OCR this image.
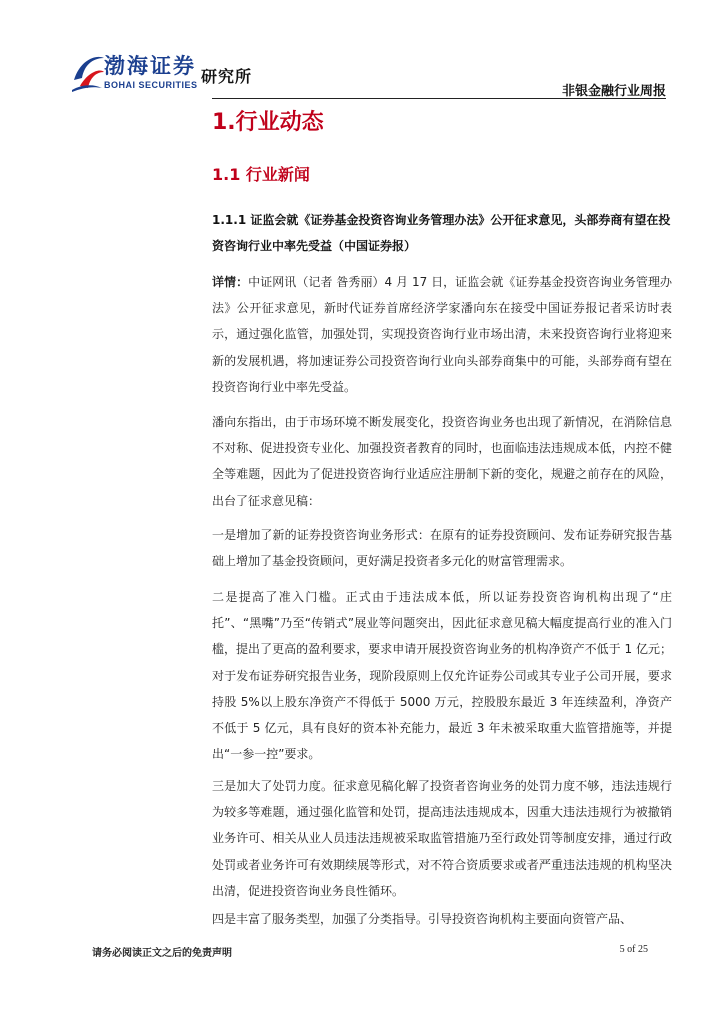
渤海证券
BOHAI SECURITIES 研究所
非银金融行业周报
1.行业动态
1.1 行业新闻
1.1.1 证监会就《证券基金投资咨询业务管理办法》公开征求意见，头部券商有望在投资咨询行业中率先受益（中国证券报）
详情：中证网讯（记者 昝秀丽）4 月 17 日，证监会就《证券基金投资咨询业务管理办法》公开征求意见，新时代证券首席经济学家潘向东在接受中国证券报记者采访时表示，通过强化监管，加强处罚，实现投资咨询行业市场出清，未来投资咨询行业将迎来新的发展机遇，将加速证券公司投资咨询行业向头部券商集中的可能，头部券商有望在投资咨询行业中率先受益。
潘向东指出，由于市场环境不断发展变化，投资咨询业务也出现了新情况，在消除信息不对称、促进投资专业化、加强投资者教育的同时，也面临违法违规成本低，内控不健全等难题，因此为了促进投资咨询行业适应注册制下新的变化，规避之前存在的风险，出台了征求意见稿：
一是增加了新的证券投资咨询业务形式：在原有的证券投资顾问、发布证券研究报告基础上增加了基金投资顾问，更好满足投资者多元化的财富管理需求。
二是提高了准入门槛。正式由于违法成本低，所以证券投资咨询机构出现了“庄托”、“黑嘴”乃至“传销式”展业等问题突出，因此征求意见稿大幅度提高行业的准入门槛，提出了更高的盈利要求，要求申请开展投资咨询业务的机构净资产不低于 1 亿元；对于发布证券研究报告业务，现阶段原则上仅允许证券公司或其专业子公司开展，要求持股 5%以上股东净资产不得低于 5000 万元，控股股东最近 3 年连续盈利，净资产不低于 5 亿元，具有良好的资本补充能力，最近 3 年未被采取重大监管措施等，并提出“一参一控”要求。
三是加大了处罚力度。征求意见稿化解了投资者咨询业务的处罚力度不够，违法违规行为较多等难题，通过强化监管和处罚，提高违法违规成本，因重大违法违规行为被撤销业务许可、相关从业人员违法违规被采取监管措施乃至行政处罚等制度安排，通过行政处罚或者业务许可有效期续展等形式，对不符合资质要求或者严重违法违规的机构坚决出清，促进投资咨询业务良性循环。
四是丰富了服务类型，加强了分类指导。引导投资咨询机构主要面向资管产品、
请务必阅读正文之后的免责声明	5 of 25
